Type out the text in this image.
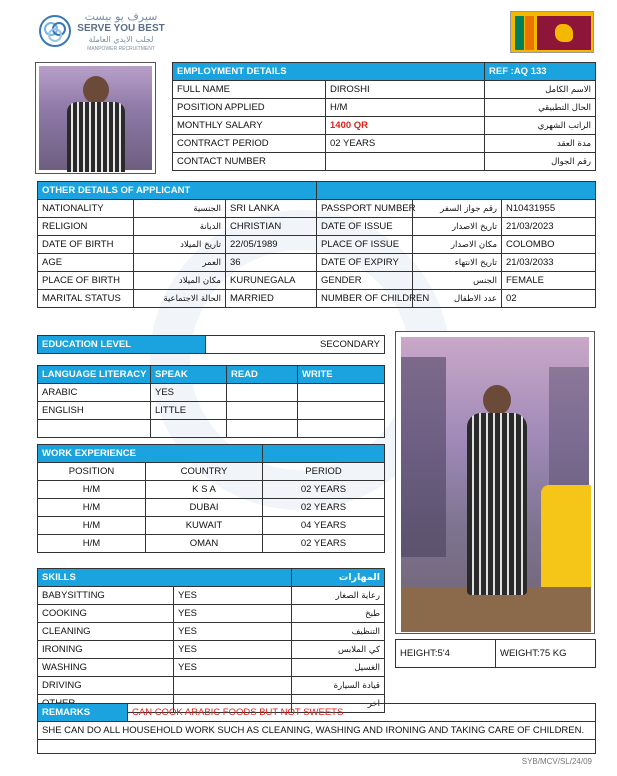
سيرف يو بيست
SERVE YOU BEST
لجلب الايدي العاملة
MANPOWER RECRUITMENT
EMPLOYMENT DETAILS		REF :AQ 133
FULL NAME	DIROSHI	الاسم الكامل
POSITION APPLIED	H/M	الحال التطبيقي
MONTHLY SALARY	1400 QR	الراتب الشهري
CONTRACT PERIOD	02 YEARS	مدة العقد
CONTACT NUMBER		رقم الجوال
OTHER DETAILS OF APPLICANT					
NATIONALITY	الجنسية	SRI LANKA	PASSPORT NUMBER	رقم جواز السفر	N10431955
RELIGION	الديانة	CHRISTIAN	DATE OF ISSUE	تاريخ الاصدار	21/03/2023
DATE OF BIRTH	تاريخ الميلاد	22/05/1989	PLACE OF ISSUE	مكان الاصدار	COLOMBO
AGE	العمر	36	DATE OF EXPIRY	تاريخ الانتهاء	21/03/2033
PLACE OF BIRTH	مكان الميلاد	KURUNEGALA	GENDER	الجنس	FEMALE
MARITAL STATUS	الحالة الاجتماعية	MARRIED	NUMBER OF CHILDREN	عدد الاطفال	02
EDUCATION LEVEL	SECONDARY
LANGUAGE LITERACY	SPEAK	READ	WRITE
ARABIC	YES		
ENGLISH	LITTLE		

WORK EXPERIENCE		
POSITION	COUNTRY	PERIOD
H/M	K S A	02 YEARS
H/M	DUBAI	02 YEARS
H/M	KUWAIT	04 YEARS
H/M	OMAN	02 YEARS
SKILLS		المهارات
BABYSITTING	YES	رعاية الصغار
COOKING	YES	طبخ
CLEANING	YES	التنظيف
IRONING	YES	كي الملابس
WASHING	YES	الغسيل
DRIVING		قيادة السيارة
		اخر
HEIGHT:5'4	WEIGHT:75 KG
REMARKS	CAN COOK ARABIC FOODS BUT NOT SWEETS
SHE CAN DO ALL HOUSEHOLD WORK SUCH AS CLEANING, WASHING AND IRONING AND TAKING CARE OF CHILDREN.

SYB/MCV/SL/24/09
